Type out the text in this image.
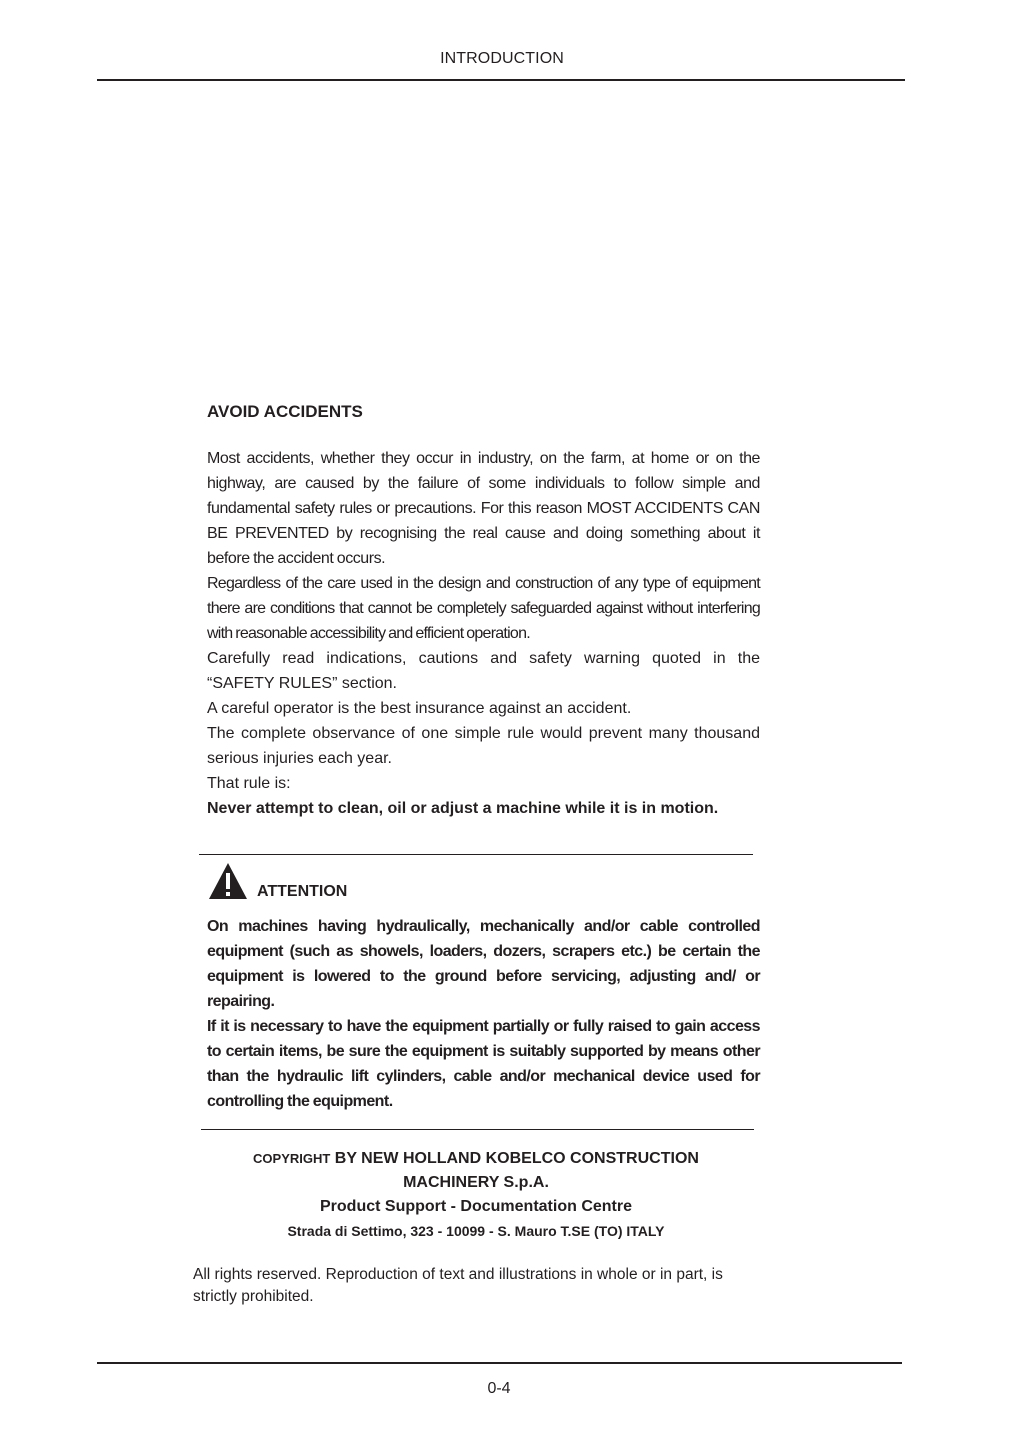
INTRODUCTION
AVOID ACCIDENTS

Most accidents, whether they occur in industry, on the farm, at home or on the highway, are caused by the failure of some individuals to follow simple and fundamental safety rules or precautions. For this reason MOST ACCIDENTS CAN BE PREVENTED by recognising the real cause and doing something about it before the accident occurs.

Regardless of the care used in the design and construction of any type of equipment there are conditions that cannot be completely safeguarded against without interfering with reasonable accessibility and efficient operation.

Carefully read indications, cautions and safety warning quoted in the “SAFETY RULES” section.

A careful operator is the best insurance against an accident.

The complete observance of one simple rule would prevent many thousand serious injuries each year.

That rule is:

Never attempt to clean, oil or adjust a machine while it is in motion.

ATTENTION

On machines having hydraulically, mechanically and/or cable controlled equipment (such as showels, loaders, dozers, scrapers etc.) be certain the equipment is lowered to the ground before servicing, adjusting and/ or repairing.

If it is necessary to have the equipment partially or fully raised to gain access to certain items, be sure the equipment is suitably supported by means other than the hydraulic lift cylinders, cable and/or mechanical device used for controlling the equipment.

COPYRIGHT BY NEW HOLLAND KOBELCO CONSTRUCTION
MACHINERY S.p.A.
Product Support - Documentation Centre
Strada di Settimo, 323 - 10099 - S. Mauro T.SE (TO) ITALY

All rights reserved. Reproduction of text and illustrations in whole or in part, is strictly prohibited.

0-4
